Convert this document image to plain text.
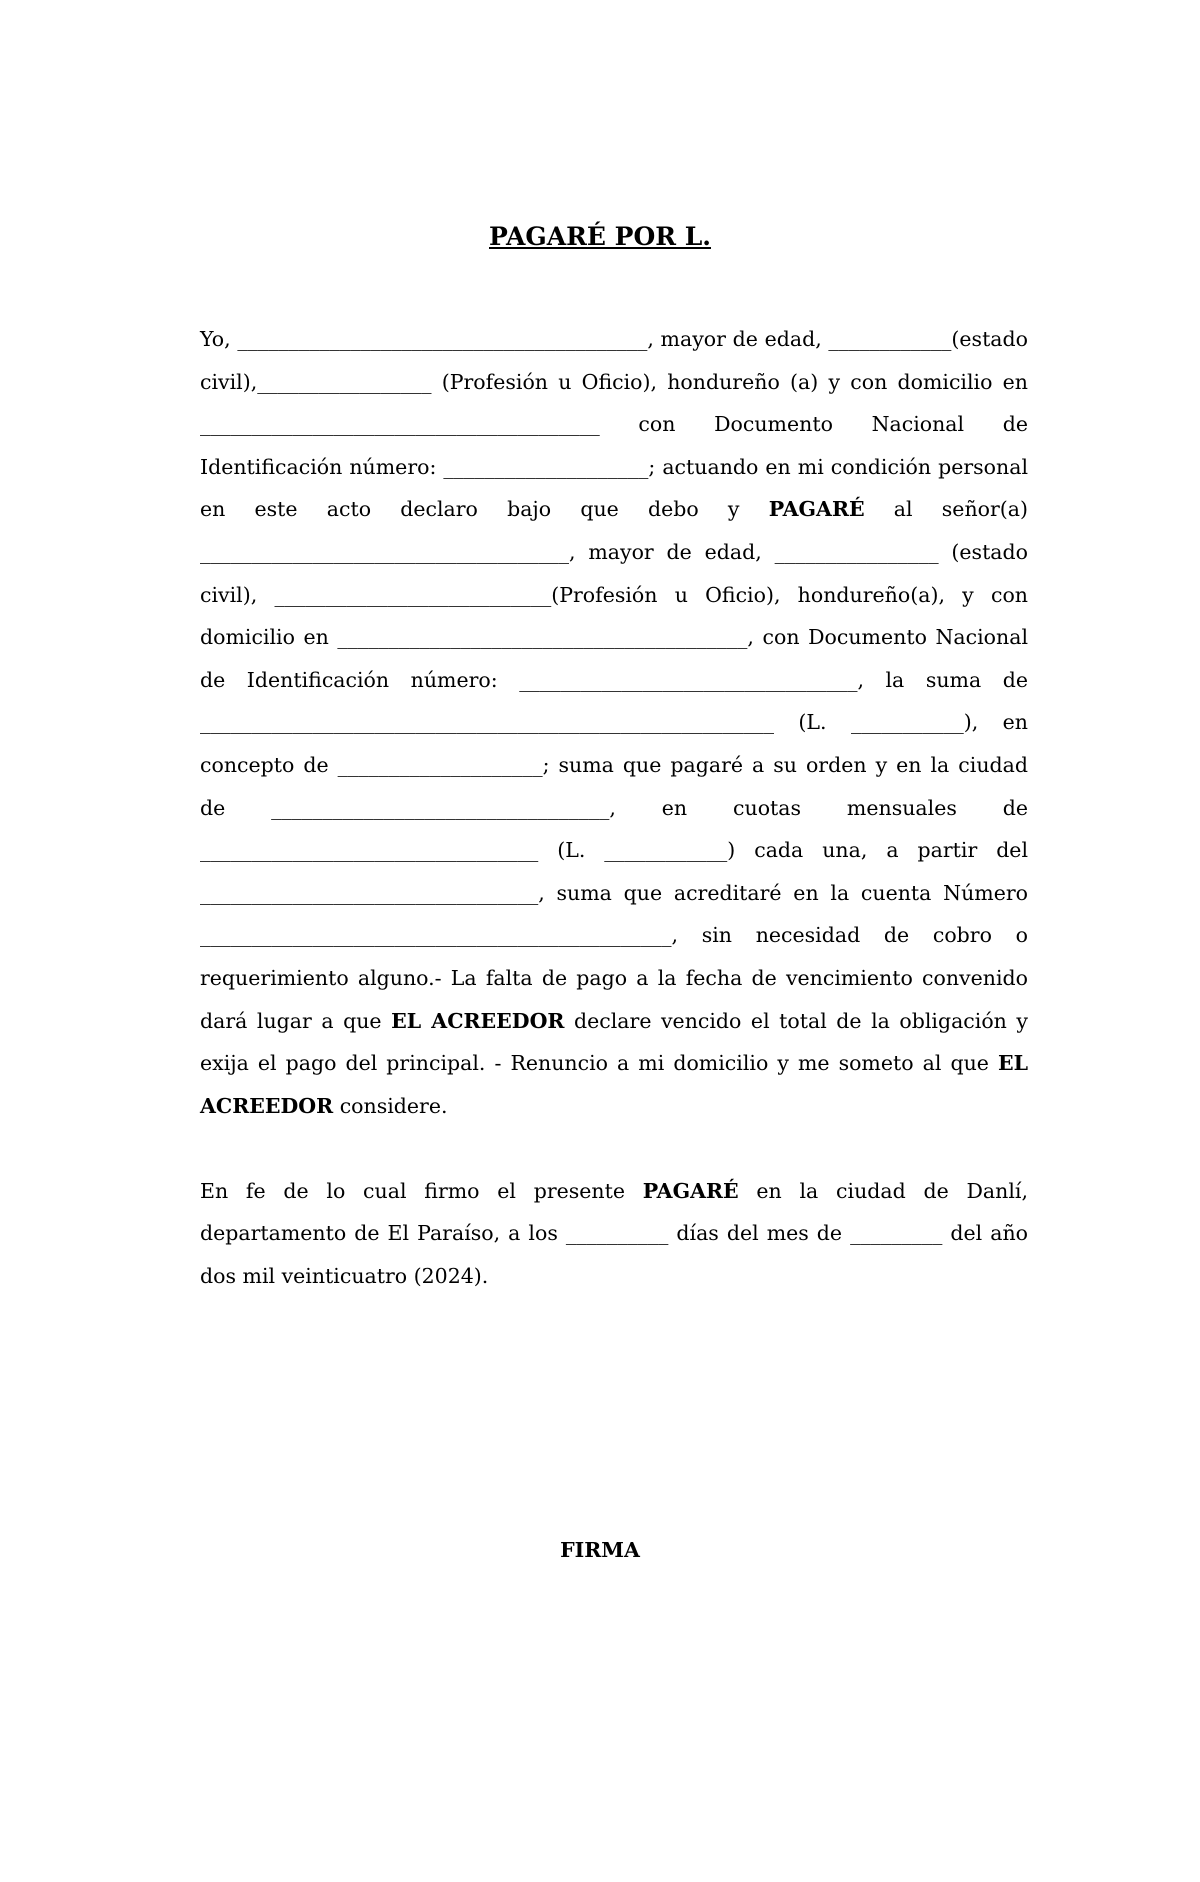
PAGARÉ POR L.

Yo, ________________________________________, mayor de edad, ____________(estado civil),_________________ (Profesión u Oficio), hondureño (a) y con domicilio en _______________________________________ con Documento Nacional de Identificación número: ____________________; actuando en mi condición personal en este acto declaro bajo que debo y PAGARÉ al señor(a) ____________________________________, mayor de edad, ________________ (estado civil), ___________________________(Profesión u Oficio), hondureño(a), y con domicilio en ________________________________________, con Documento Nacional de Identificación número: _________________________________, la suma de ________________________________________________________ (L. ___________), en concepto de ____________________; suma que pagaré a su orden y en la ciudad de _________________________________, en cuotas mensuales de _________________________________ (L. ____________) cada una, a partir del _________________________________, suma que acreditaré en la cuenta Número ______________________________________________, sin necesidad de cobro o requerimiento alguno.- La falta de pago a la fecha de vencimiento convenido dará lugar a que EL ACREEDOR declare vencido el total de la obligación y exija el pago del principal. - Renuncio a mi domicilio y me someto al que EL ACREEDOR considere.

En fe de lo cual firmo el presente PAGARÉ en la ciudad de Danlí, departamento de El Paraíso, a los __________ días del mes de _________ del año dos mil veinticuatro (2024).

FIRMA
